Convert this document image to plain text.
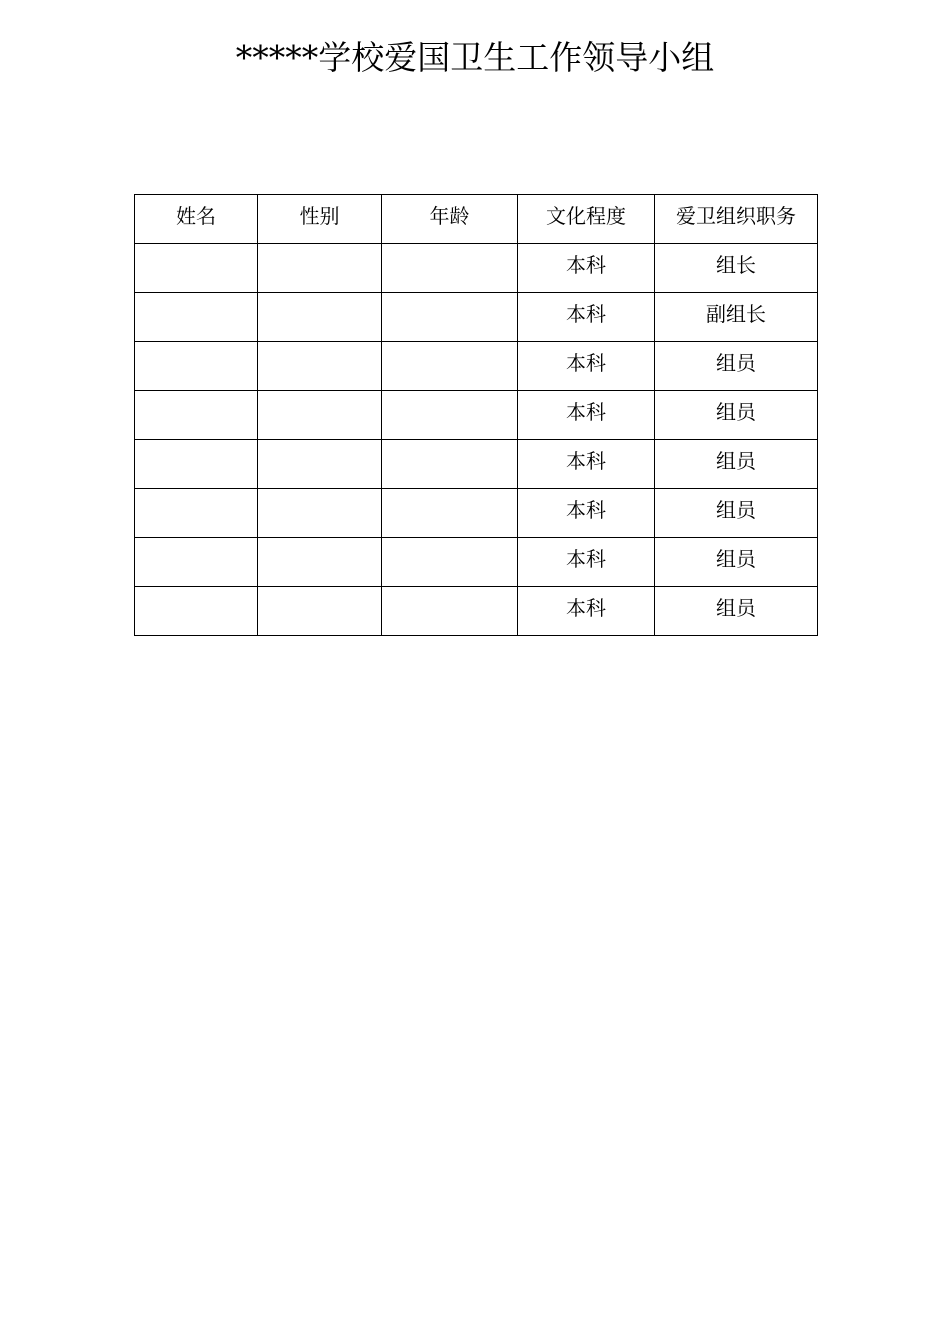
*****学校爱国卫生工作领导小组
姓名	性别	年龄	文化程度	爱卫组织职务
			本科	组长
			本科	副组长
			本科	组员
			本科	组员
			本科	组员
			本科	组员
			本科	组员
			本科	组员
